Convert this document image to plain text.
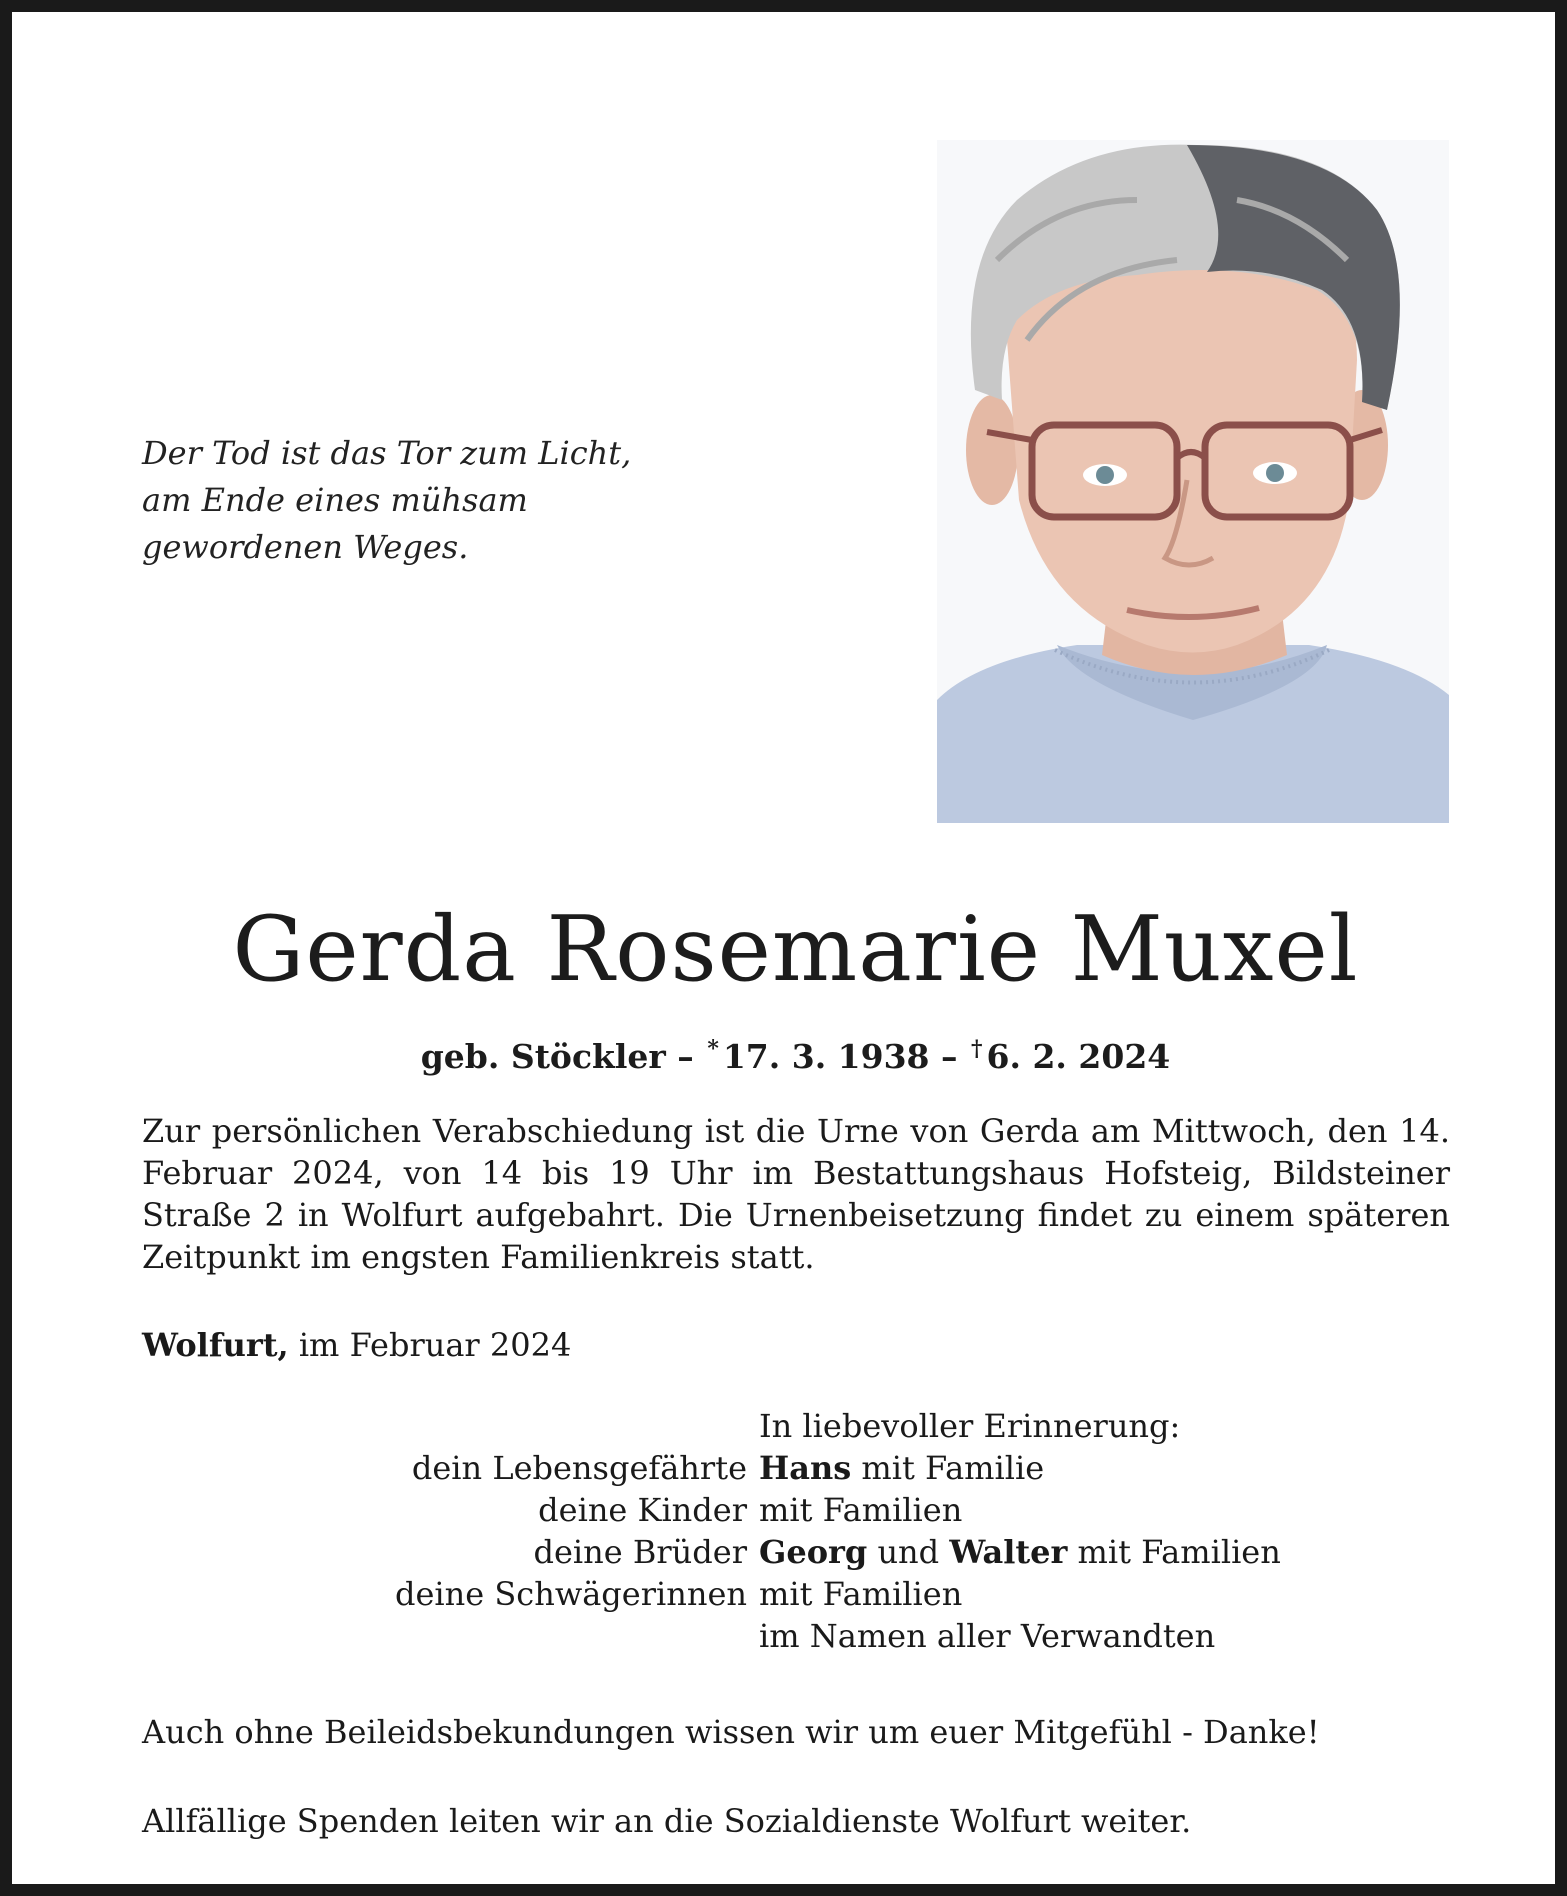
Der Tod ist das Tor zum Licht,
am Ende eines mühsam
gewordenen Weges.
Gerda Rosemarie Muxel
geb. Stöckler – * 17. 3. 1938 – † 6. 2. 2024
Zur persönlichen Verabschiedung ist die Urne von Gerda am Mittwoch, den 14. Februar 2024, von 14 bis 19 Uhr im Bestattungshaus Hofsteig, Bildsteiner Straße 2 in Wolfurt aufgebahrt. Die Urnenbeisetzung findet zu einem späteren Zeitpunkt im engsten Familienkreis statt.
Wolfurt, im Februar 2024
In liebevoller Erinnerung:
dein Lebensgefährte Hans mit Familie
deine Kinder mit Familien
deine Brüder Georg und Walter mit Familien
deine Schwägerinnen mit Familien
im Namen aller Verwandten
Auch ohne Beileidsbekundungen wissen wir um euer Mitgefühl - Danke!
Allfällige Spenden leiten wir an die Sozialdienste Wolfurt weiter.
